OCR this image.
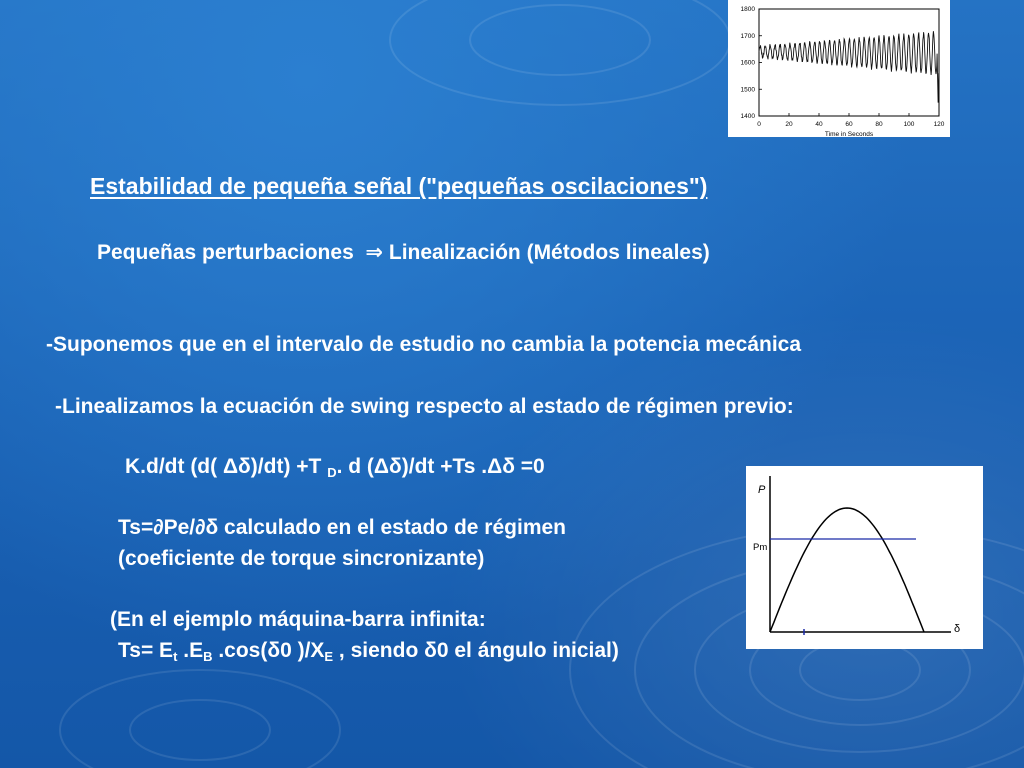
1800
1700
1600
1500
1400
0	20	40	60	80	100	120
Time in Seconds
P
δ
Pm

Estabilidad de pequeña señal ("pequeñas oscilaciones")

Pequeñas perturbaciones ⇒ Linealización (Métodos lineales)

-Suponemos que en el intervalo de estudio no cambia la potencia mecánica

-Linealizamos la ecuación de swing respecto al estado de régimen previo:

K.d/dt (d( Δδ)/dt) +T $_D$. d (Δδ)/dt +Ts .Δδ =0

Ts=∂Pe/∂δ calculado en el estado de régimen

(coeficiente de torque sincronizante)

(En el ejemplo máquina-barra infinita:

$Ts= E_t$ $.E_B$ .cos(δ0 )$/X_E$ , siendo δ0 el ángulo inicial)
